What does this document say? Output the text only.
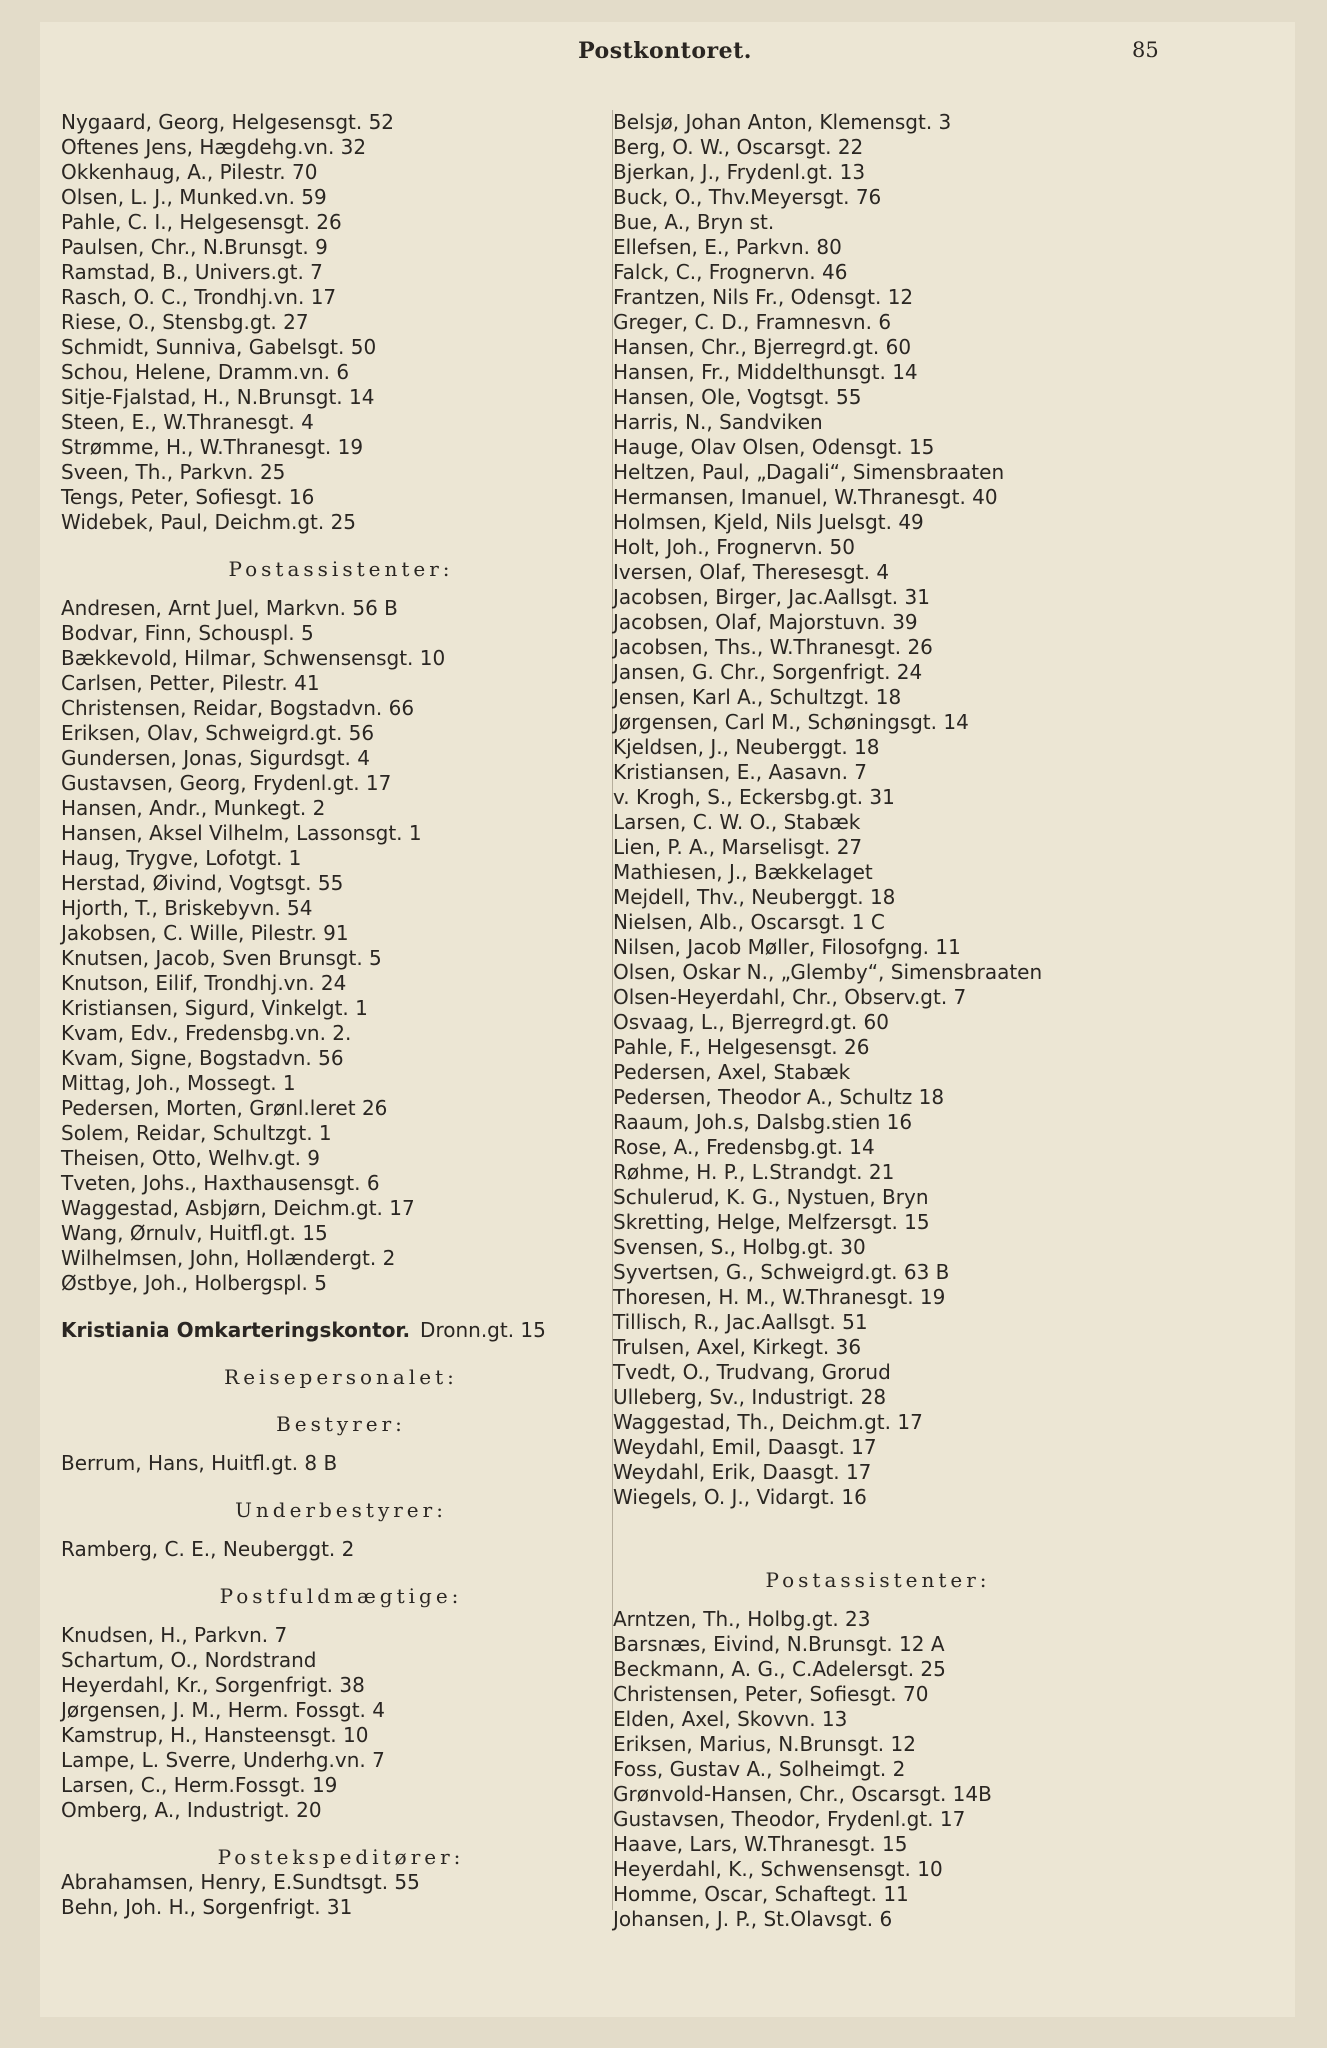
Postkontoret.	85
Nygaard, Georg, Helgesensgt. 52
Oftenes Jens, Hægdehg.vn. 32
Okkenhaug, A., Pilestr. 70
Olsen, L. J., Munked.vn. 59
Pahle, C. I., Helgesensgt. 26
Paulsen, Chr., N.Brunsgt. 9
Ramstad, B., Univers.gt. 7
Rasch, O. C., Trondhj.vn. 17
Riese, O., Stensbg.gt. 27
Schmidt, Sunniva, Gabelsgt. 50
Schou, Helene, Dramm.vn. 6
Sitje-Fjalstad, H., N.Brunsgt. 14
Steen, E., W.Thranesgt. 4
Strømme, H., W.Thranesgt. 19
Sveen, Th., Parkvn. 25
Tengs, Peter, Sofiesgt. 16
Widebek, Paul, Deichm.gt. 25
Postassistenter:
Andresen, Arnt Juel, Markvn. 56 B
Bodvar, Finn, Schouspl. 5
Bækkevold, Hilmar, Schwensensgt. 10
Carlsen, Petter, Pilestr. 41
Christensen, Reidar, Bogstadvn. 66
Eriksen, Olav, Schweigrd.gt. 56
Gundersen, Jonas, Sigurdsgt. 4
Gustavsen, Georg, Frydenl.gt. 17
Hansen, Andr., Munkegt. 2
Hansen, Aksel Vilhelm, Lassonsgt. 1
Haug, Trygve, Lofotgt. 1
Herstad, Øivind, Vogtsgt. 55
Hjorth, T., Briskebyvn. 54
Jakobsen, C. Wille, Pilestr. 91
Knutsen, Jacob, Sven Brunsgt. 5
Knutson, Eilif, Trondhj.vn. 24
Kristiansen, Sigurd, Vinkelgt. 1
Kvam, Edv., Fredensbg.vn. 2.
Kvam, Signe, Bogstadvn. 56
Mittag, Joh., Mossegt. 1
Pedersen, Morten, Grønl.leret 26
Solem, Reidar, Schultzgt. 1
Theisen, Otto, Welhv.gt. 9
Tveten, Johs., Haxthausensgt. 6
Waggestad, Asbjørn, Deichm.gt. 17
Wang, Ørnulv, Huitfl.gt. 15
Wilhelmsen, John, Hollændergt. 2
Østbye, Joh., Holbergspl. 5
Kristiania Omkarteringskontor. Dronn.gt. 15
Reisepersonalet:
Bestyrer:
Berrum, Hans, Huitfl.gt. 8 B
Underbestyrer:
Ramberg, C. E., Neuberggt. 2
Postfuldmægtige:
Knudsen, H., Parkvn. 7
Schartum, O., Nordstrand
Heyerdahl, Kr., Sorgenfrigt. 38
Jørgensen, J. M., Herm. Fossgt. 4
Kamstrup, H., Hansteensgt. 10
Lampe, L. Sverre, Underhg.vn. 7
Larsen, C., Herm.Fossgt. 19
Omberg, A., Industrigt. 20
Postekspeditører:
Abrahamsen, Henry, E.Sundtsgt. 55
Behn, Joh. H., Sorgenfrigt. 31
Belsjø, Johan Anton, Klemensgt. 3
Berg, O. W., Oscarsgt. 22
Bjerkan, J., Frydenl.gt. 13
Buck, O., Thv.Meyersgt. 76
Bue, A., Bryn st.
Ellefsen, E., Parkvn. 80
Falck, C., Frognervn. 46
Frantzen, Nils Fr., Odensgt. 12
Greger, C. D., Framnesvn. 6
Hansen, Chr., Bjerregrd.gt. 60
Hansen, Fr., Middelthunsgt. 14
Hansen, Ole, Vogtsgt. 55
Harris, N., Sandviken
Hauge, Olav Olsen, Odensgt. 15
Heltzen, Paul, „Dagali“, Simensbraaten
Hermansen, Imanuel, W.Thranesgt. 40
Holmsen, Kjeld, Nils Juelsgt. 49
Holt, Joh., Frognervn. 50
Iversen, Olaf, Theresesgt. 4
Jacobsen, Birger, Jac.Aallsgt. 31
Jacobsen, Olaf, Majorstuvn. 39
Jacobsen, Ths., W.Thranesgt. 26
Jansen, G. Chr., Sorgenfrigt. 24
Jensen, Karl A., Schultzgt. 18
Jørgensen, Carl M., Schøningsgt. 14
Kjeldsen, J., Neuberggt. 18
Kristiansen, E., Aasavn. 7
v. Krogh, S., Eckersbg.gt. 31
Larsen, C. W. O., Stabæk
Lien, P. A., Marselisgt. 27
Mathiesen, J., Bækkelaget
Mejdell, Thv., Neuberggt. 18
Nielsen, Alb., Oscarsgt. 1 C
Nilsen, Jacob Møller, Filosofgng. 11
Olsen, Oskar N., „Glemby“, Simensbraaten
Olsen-Heyerdahl, Chr., Observ.gt. 7
Osvaag, L., Bjerregrd.gt. 60
Pahle, F., Helgesensgt. 26
Pedersen, Axel, Stabæk
Pedersen, Theodor A., Schultz 18
Raaum, Joh.s, Dalsbg.stien 16
Rose, A., Fredensbg.gt. 14
Røhme, H. P., L.Strandgt. 21
Schulerud, K. G., Nystuen, Bryn
Skretting, Helge, Melfzersgt. 15
Svensen, S., Holbg.gt. 30
Syvertsen, G., Schweigrd.gt. 63 B
Thoresen, H. M., W.Thranesgt. 19
Tillisch, R., Jac.Aallsgt. 51
Trulsen, Axel, Kirkegt. 36
Tvedt, O., Trudvang, Grorud
Ulleberg, Sv., Industrigt. 28
Waggestad, Th., Deichm.gt. 17
Weydahl, Emil, Daasgt. 17
Weydahl, Erik, Daasgt. 17
Wiegels, O. J., Vidargt. 16
Postassistenter:
Arntzen, Th., Holbg.gt. 23
Barsnæs, Eivind, N.Brunsgt. 12 A
Beckmann, A. G., C.Adelersgt. 25
Christensen, Peter, Sofiesgt. 70
Elden, Axel, Skovvn. 13
Eriksen, Marius, N.Brunsgt. 12
Foss, Gustav A., Solheimgt. 2
Grønvold-Hansen, Chr., Oscarsgt. 14B
Gustavsen, Theodor, Frydenl.gt. 17
Haave, Lars, W.Thranesgt. 15
Heyerdahl, K., Schwensensgt. 10
Homme, Oscar, Schaftegt. 11
Johansen, J. P., St.Olavsgt. 6
